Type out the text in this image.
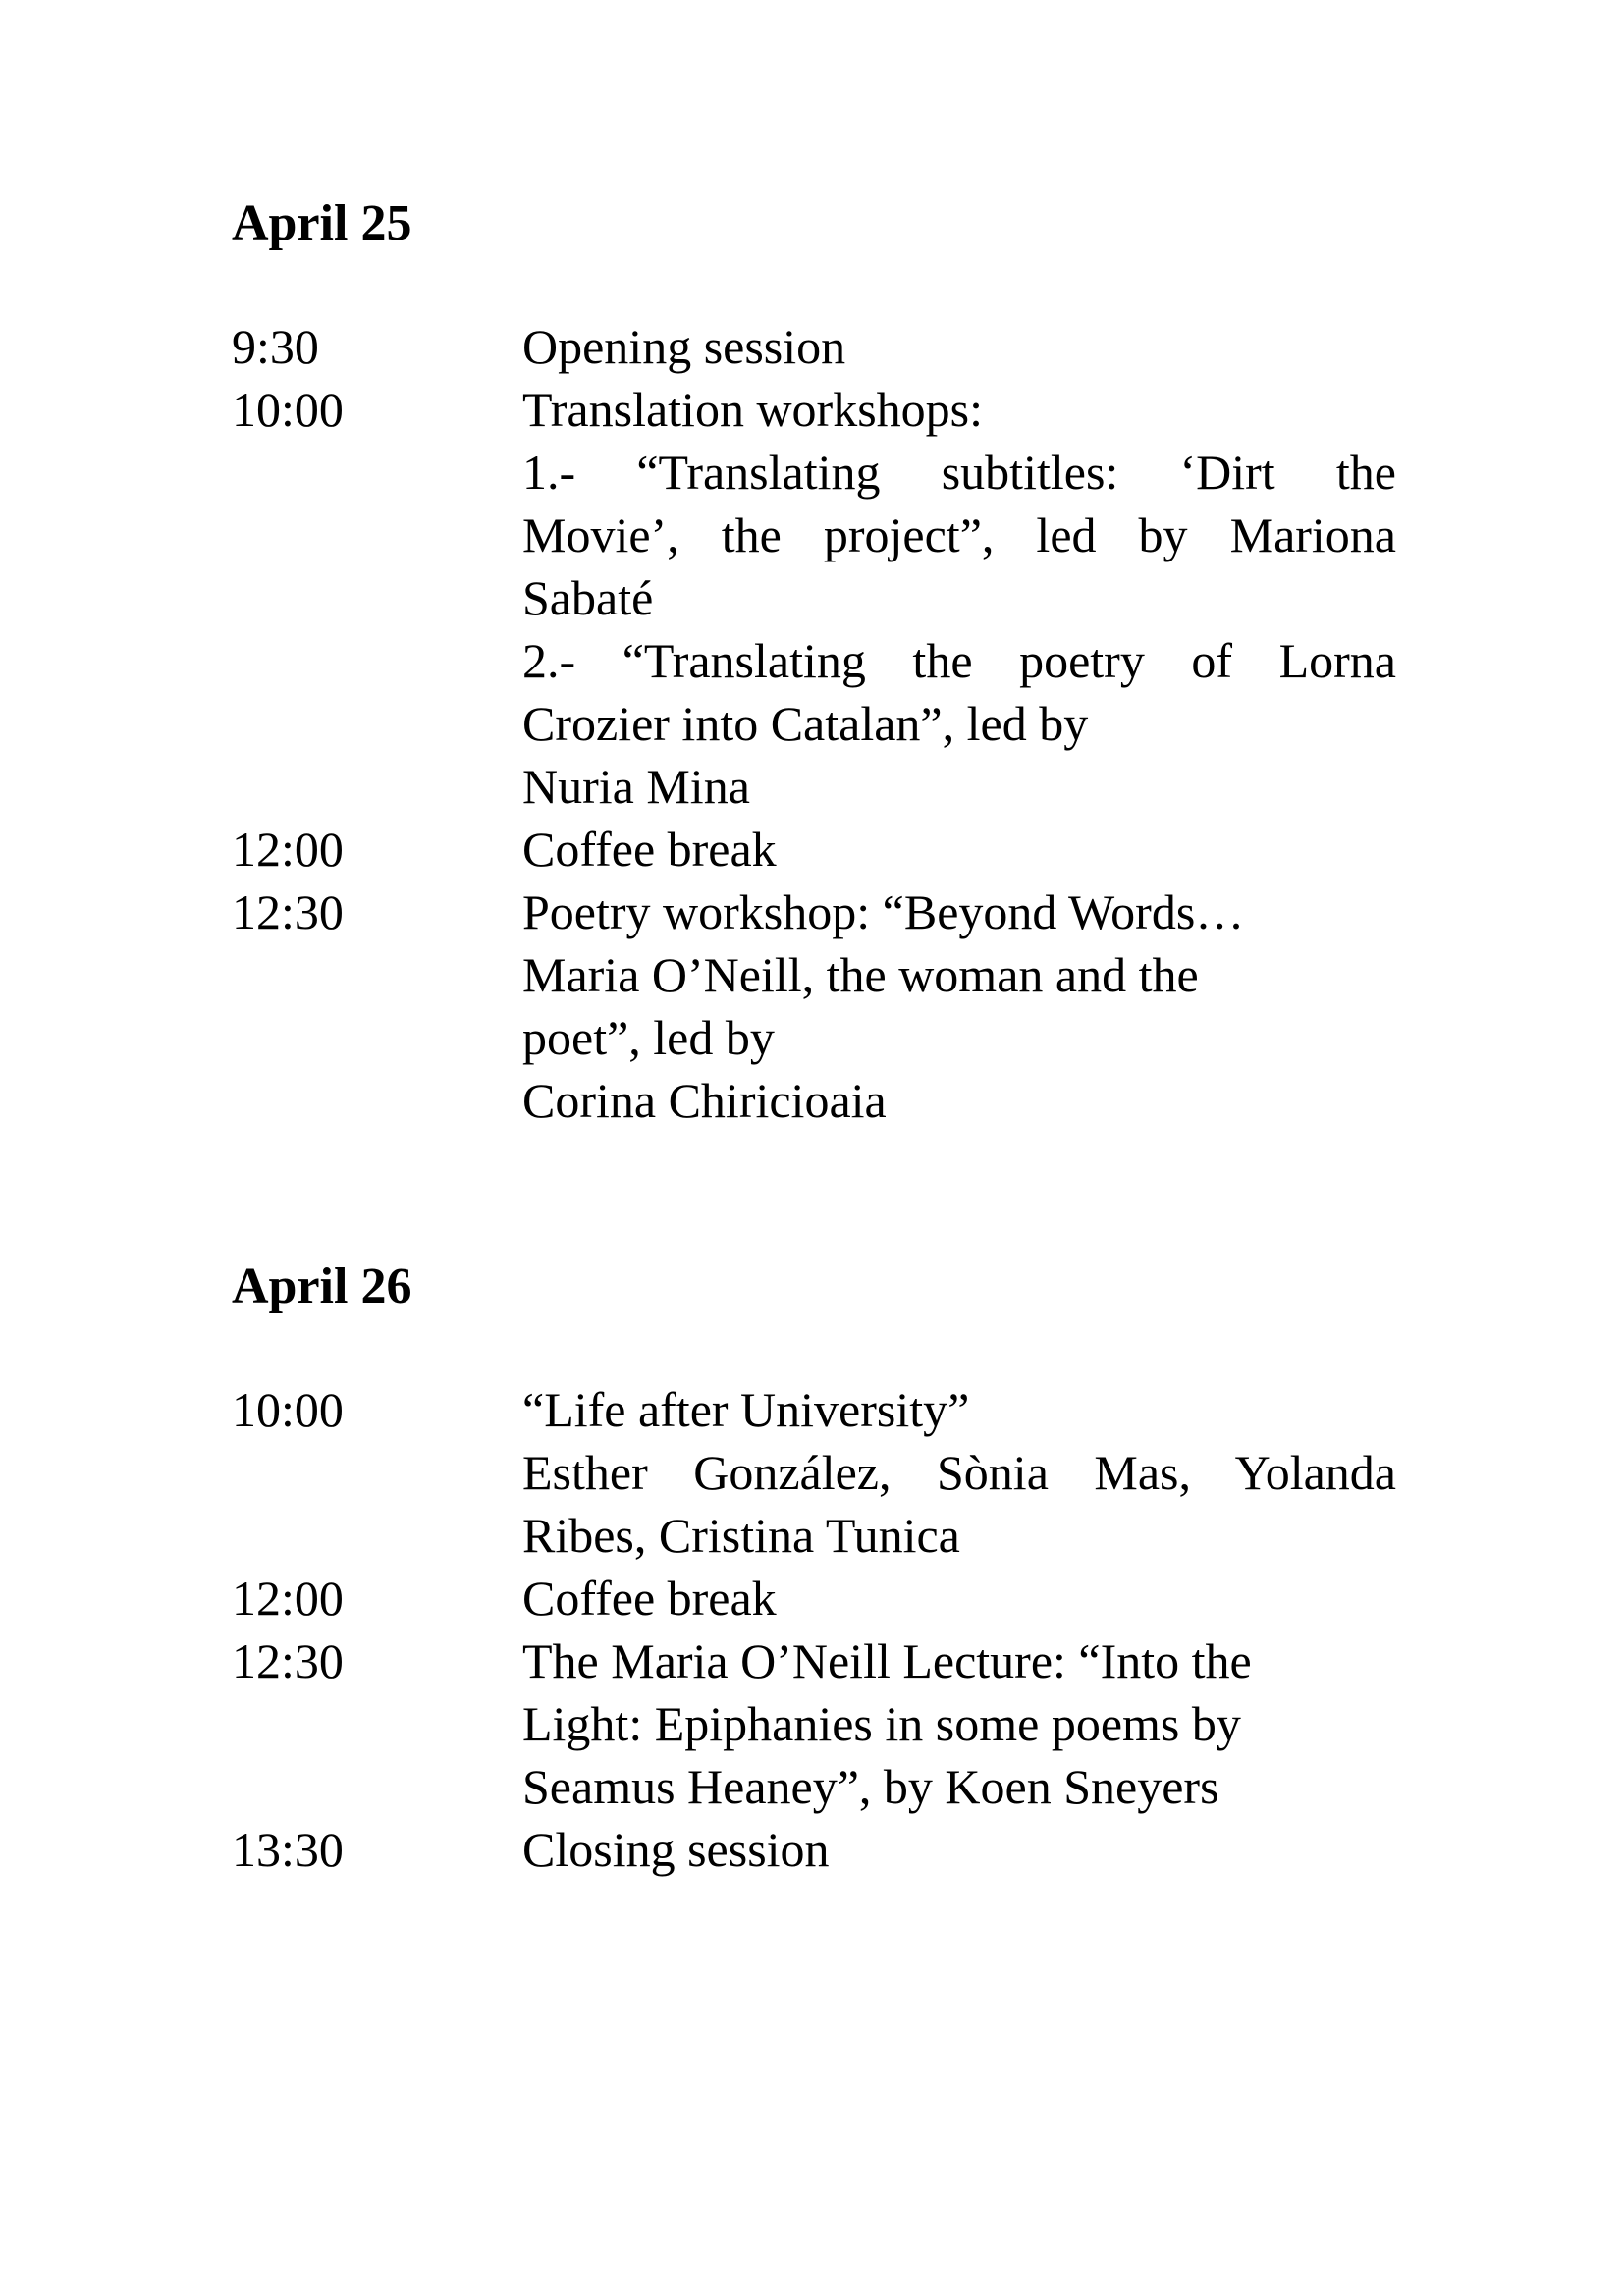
April 25
9:30	Opening session
10:00	Translation workshops:
1.- “Translating subtitles: ‘Dirt the
Movie’, the project”, led by Mariona
Sabaté
2.- “Translating the poetry of Lorna
Crozier into Catalan”, led by
Nuria Mina
12:00	Coffee break
12:30	Poetry workshop: “Beyond Words…
Maria O’Neill, the woman and the
poet”, led by
Corina Chiricioaia
April 26
10:00	“Life after University”
Esther González, Sònia Mas, Yolanda
Ribes, Cristina Tunica
12:00	Coffee break
12:30	The Maria O’Neill Lecture: “Into the
Light: Epiphanies in some poems by
Seamus Heaney”, by Koen Sneyers
13:30	Closing session
